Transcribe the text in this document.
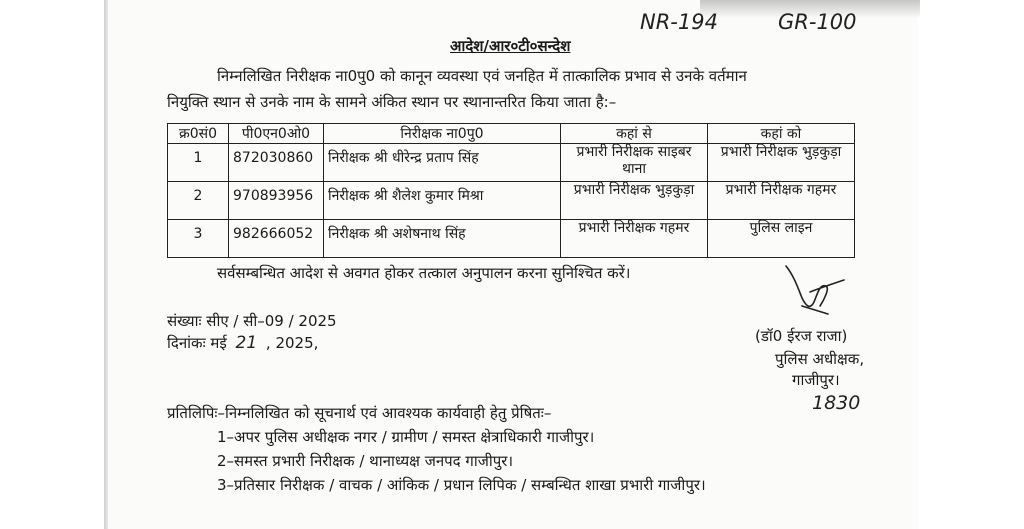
NR-194	GR-100
आदेश/आर०टी०सन्देश
निम्नलिखित निरीक्षक ना0पु0 को कानून व्यवस्था एवं जनहित में तात्कालिक प्रभाव से उनके वर्तमान
नियुक्ति स्थान से उनके नाम के सामने अंकित स्थान पर स्थानान्तरित किया जाता है:–
क्र0सं0	पी0एन0ओ0	निरीक्षक ना0पु0	कहां से	कहां को
1	872030860	निरीक्षक श्री धीरेन्द्र प्रताप सिंह	प्रभारी निरीक्षक साइबर थाना	प्रभारी निरीक्षक भुड़कुड़ा
2	970893956	निरीक्षक श्री शैलेश कुमार मिश्रा	प्रभारी निरीक्षक भुड़कुड़ा	प्रभारी निरीक्षक गहमर
3	982666052	निरीक्षक श्री अशेषनाथ सिंह	प्रभारी निरीक्षक गहमर	पुलिस लाइन
सर्वसम्बन्धित आदेश से अवगत होकर तत्काल अनुपालन करना सुनिश्चित करें।
संख्याः सीए / सी–09 / 2025
दिनांकः मई 21 , 2025,	(डॉ0 ईरज राजा)
पुलिस अधीक्षक,
गाजीपुर।
1830
प्रतिलिपिः–निम्नलिखित को सूचनार्थ एवं आवश्यक कार्यवाही हेतु प्रेषितः–
1–अपर पुलिस अधीक्षक नगर / ग्रामीण / समस्त क्षेत्राधिकारी गाजीपुर।
2–समस्त प्रभारी निरीक्षक / थानाध्यक्ष जनपद गाजीपुर।
3–प्रतिसार निरीक्षक / वाचक / आंकिक / प्रधान लिपिक / सम्बन्धित शाखा प्रभारी गाजीपुर।
